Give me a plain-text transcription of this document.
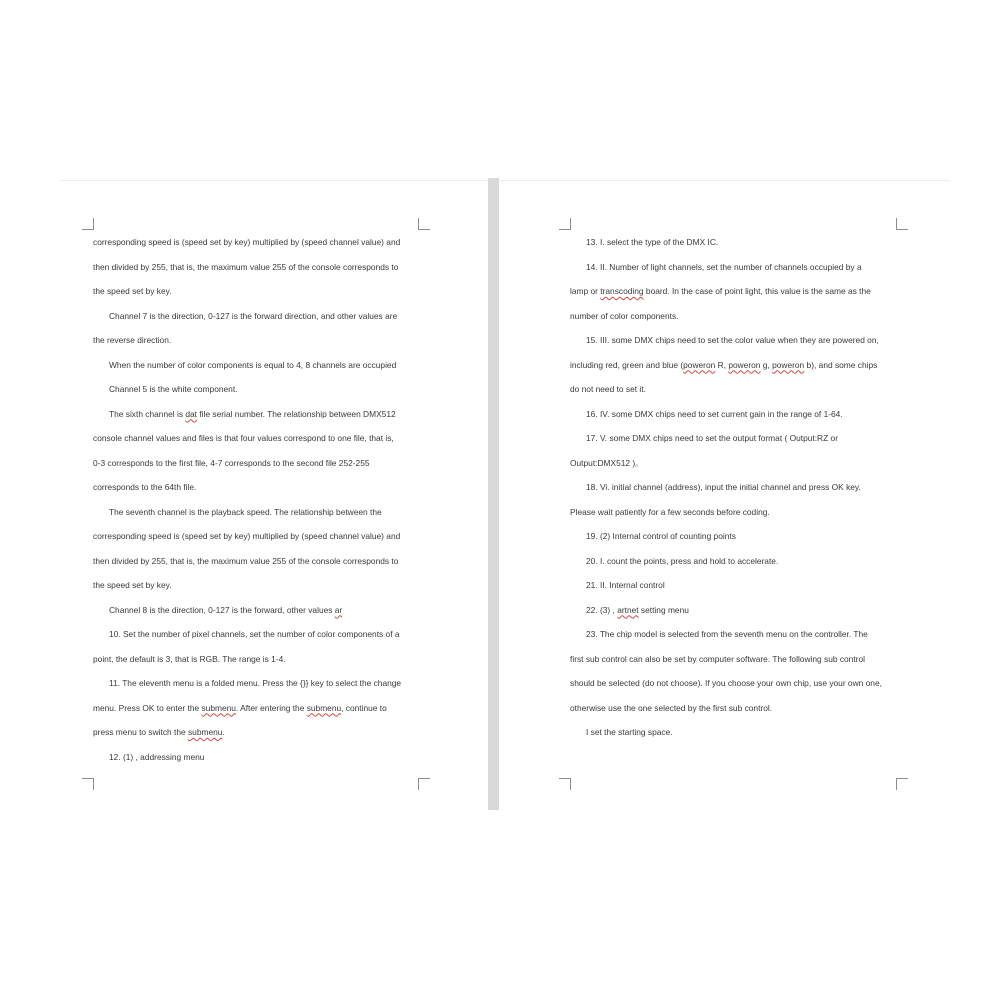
corresponding speed is (speed set by key) multiplied by (speed channel value) and
then divided by 255, that is, the maximum value 255 of the console corresponds to
the speed set by key.
Channel 7 is the direction, 0-127 is the forward direction, and other values are
the reverse direction.
When the number of color components is equal to 4, 8 channels are occupied
Channel 5 is the white component.
The sixth channel is dat file serial number. The relationship between DMX512
console channel values and files is that four values correspond to one file, that is,
0-3 corresponds to the first file, 4-7 corresponds to the second file 252-255
corresponds to the 64th file.
The seventh channel is the playback speed. The relationship between the
corresponding speed is (speed set by key) multiplied by (speed channel value) and
then divided by 255, that is, the maximum value 255 of the console corresponds to
the speed set by key.
Channel 8 is the direction, 0-127 is the forward, other values ar
10. Set the number of pixel channels, set the number of color components of a
point, the default is 3, that is RGB. The range is 1-4.
11. The eleventh menu is a folded menu. Press the {}} key to select the change
menu. Press OK to enter the submenu. After entering the submenu, continue to
press menu to switch the submenu.
12. (1) , addressing menu
13. I. select the type of the DMX IC.
14. II. Number of light channels, set the number of channels occupied by a
lamp or transcoding board. In the case of point light, this value is the same as the
number of color components.
15. III. some DMX chips need to set the color value when they are powered on,
including red, green and blue (poweron R, poweron g, poweron b), and some chips
do not need to set it.
16. IV. some DMX chips need to set current gain in the range of 1-64.
17. V. some DMX chips need to set the output format ( Output:RZ or
Output:DMX512 )。
18. Vi. initial channel (address), input the initial channel and press OK key.
Please wait patiently for a few seconds before coding.
19. (2) Internal control of counting points
20. I. count the points, press and hold to accelerate.
21. II. Internal control
22. (3) , artnet setting menu
23. The chip model is selected from the seventh menu on the controller. The
first sub control can also be set by computer software. The following sub control
should be selected (do not choose). If you choose your own chip, use your own one,
otherwise use the one selected by the first sub control.
I set the starting space.
